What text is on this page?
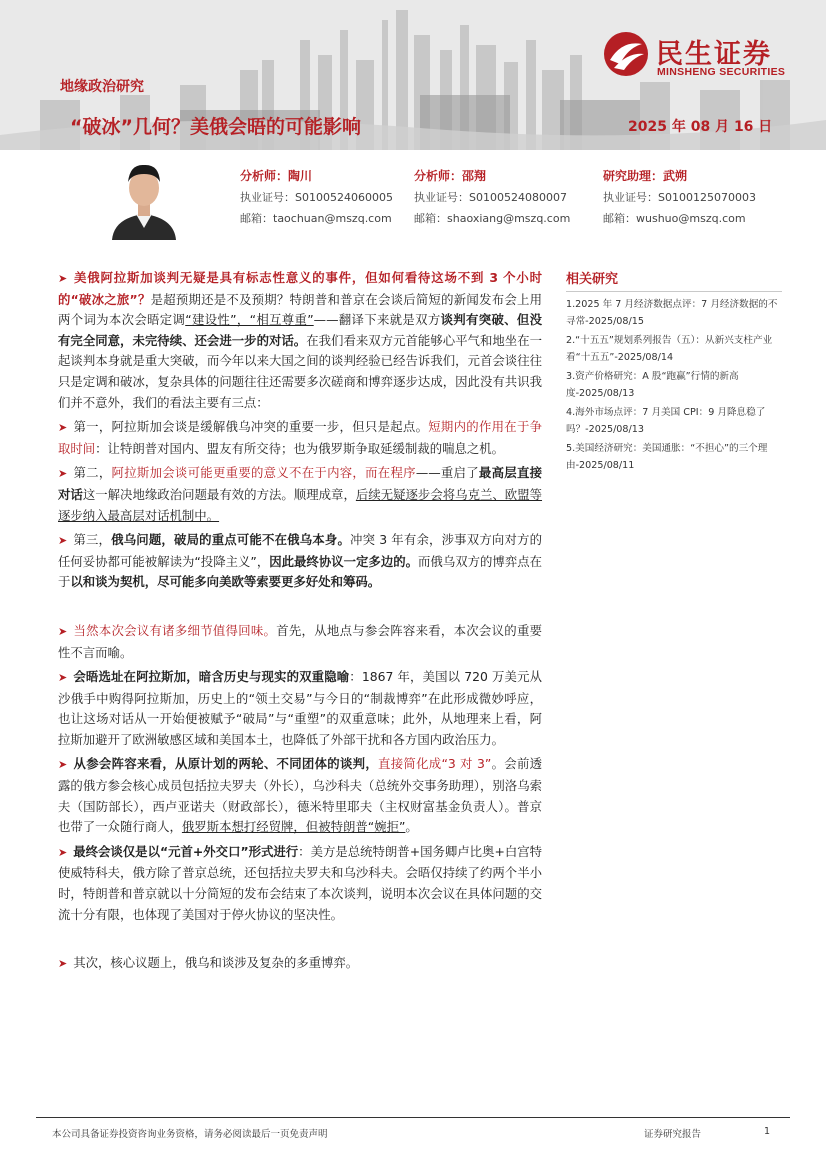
民生证券
MINSHENG SECURITIES
地缘政治研究
“破冰”几何？美俄会晤的可能影响	2025 年 08 月 16 日
分析师：陶川
执业证号：S0100524060005
邮箱：taochuan@mszq.com
分析师：邵翔
执业证号：S0100524080007
邮箱：shaoxiang@mszq.com
研究助理：武朔
执业证号：S0100125070003
邮箱：wushuo@mszq.com

➤ 美俄阿拉斯加谈判无疑是具有标志性意义的事件，但如何看待这场不到 3 个小时的“破冰之旅”？是超预期还是不及预期？特朗普和普京在会谈后简短的新闻发布会上用两个词为本次会晤定调“建设性”，“相互尊重”——翻译下来就是双方谈判有突破、但没有完全同意，未完待续、还会进一步的对话。在我们看来双方元首能够心平气和地坐在一起谈判本身就是重大突破，而今年以来大国之间的谈判经验已经告诉我们，元首会谈往往只是定调和破冰，复杂具体的问题往往还需要多次磋商和博弈逐步达成，因此没有共识我们并不意外，我们的看法主要有三点：

➤ 第一，阿拉斯加会谈是缓解俄乌冲突的重要一步，但只是起点。短期内的作用在于争取时间：让特朗普对国内、盟友有所交待；也为俄罗斯争取延缓制裁的喘息之机。

➤ 第二，阿拉斯加会谈可能更重要的意义不在于内容，而在程序——重启了最高层直接对话这一解决地缘政治问题最有效的方法。顺理成章，后续无疑逐步会将乌克兰、欧盟等逐步纳入最高层对话机制中。

➤ 第三，俄乌问题，破局的重点可能不在俄乌本身。冲突 3 年有余，涉事双方向对方的任何妥协都可能被解读为“投降主义”，因此最终协议一定多边的。而俄乌双方的博弈点在于以和谈为契机，尽可能多向美欧等索要更多好处和筹码。

➤ 当然本次会议有诸多细节值得回味。首先，从地点与参会阵容来看，本次会议的重要性不言而喻。

➤ 会晤选址在阿拉斯加，暗含历史与现实的双重隐喻：1867 年，美国以 720 万美元从沙俄手中购得阿拉斯加，历史上的“领土交易”与今日的“制裁博弈”在此形成微妙呼应，也让这场对话从一开始便被赋予“破局”与“重塑”的双重意味；此外，从地理来上看，阿拉斯加避开了欧洲敏感区域和美国本土，也降低了外部干扰和各方国内政治压力。

➤ 从参会阵容来看，从原计划的两轮、不同团体的谈判，直接简化成“3 对 3”。会前透露的俄方参会核心成员包括拉夫罗夫（外长），乌沙科夫（总统外交事务助理），别洛乌索夫（国防部长），西卢亚诺夫（财政部长），德米特里耶夫（主权财富基金负责人）。普京也带了一众随行商人，俄罗斯本想打经贸牌，但被特朗普“婉拒”。

➤ 最终会谈仅是以“元首+外交口”形式进行：美方是总统特朗普+国务卿卢比奥+白宫特使威特科夫，俄方除了普京总统，还包括拉夫罗夫和乌沙科夫。会晤仅持续了约两个半小时，特朗普和普京就以十分简短的发布会结束了本次谈判，说明本次会议在具体问题的交流十分有限，也体现了美国对于停火协议的坚决性。

➤ 其次，核心议题上，俄乌和谈涉及复杂的多重博弈。

相关研究
1.2025 年 7 月经济数据点评：7 月经济数据的不寻常-2025/08/15
2.“十五五”规划系列报告（五）：从新兴支柱产业看“十五五”-2025/08/14
3.资产价格研究：A 股“跑赢”行情的新高度-2025/08/13
4.海外市场点评：7 月美国 CPI：9 月降息稳了吗？-2025/08/13
5.美国经济研究：美国通胀：“不担心”的三个理由-2025/08/11
本公司具备证券投资咨询业务资格，请务必阅读最后一页免责声明	证券研究报告	1
